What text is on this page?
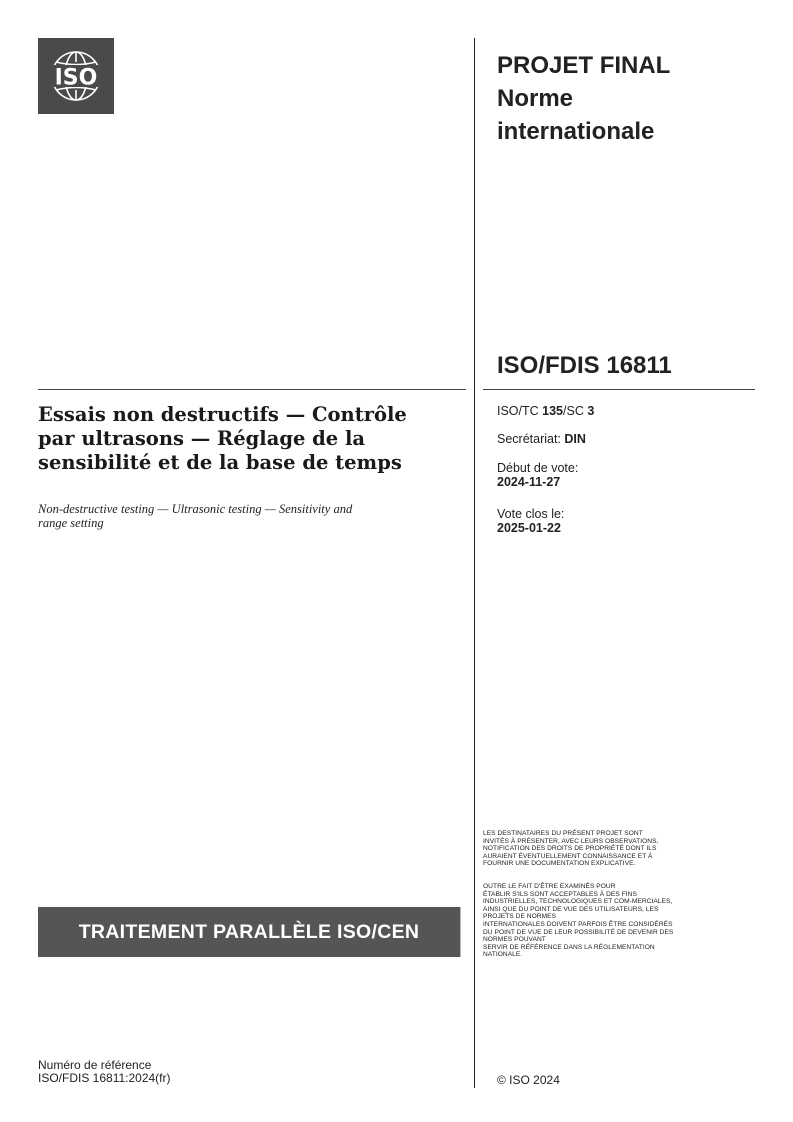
ISO	PROJET FINAL
Norme
internationale
ISO/FDIS 16811
Essais non destructifs — Contrôle
par ultrasons — Réglage de la
sensibilité et de la base de temps
Non-destructive testing — Ultrasonic testing — Sensitivity and
range setting
ISO/TC 135/SC 3
Secrétariat: DIN
Début de vote:
2024-11-27
Vote clos le:
2025-01-22
LES DESTINATAIRES DU PRÉSENT PROJET SONT
INVITÉS À PRÉSENTER, AVEC LEURS OBSERVATIONS,
NOTIFICATION DES DROITS DE PROPRIÉTÉ DONT ILS
AURAIENT ÉVENTUELLEMENT CONNAISSANCE ET À
FOURNIR UNE DOCUMENTATION EXPLICATIVE.
OUTRE LE FAIT D'ÊTRE EXAMINÉS POUR
ÉTABLIR S'ILS SONT ACCEPTABLES À DES FINS
INDUSTRIELLES, TECHNOLOGIQUES ET COM-MERCIALES,
AINSI QUE DU POINT DE VUE DES UTILISATEURS, LES
PROJETS DE NORMES
INTERNATIONALES DOIVENT PARFOIS ÊTRE CONSIDÉRÉS
DU POINT DE VUE DE LEUR POSSIBILITÉ DE DEVENIR DES
NORMES POUVANT
SERVIR DE RÉFÉRENCE DANS LA RÉGLEMENTATION
NATIONALE.
TRAITEMENT PARALLÈLE ISO/CEN
Numéro de référence
ISO/FDIS 16811:2024(fr)	© ISO 2024
